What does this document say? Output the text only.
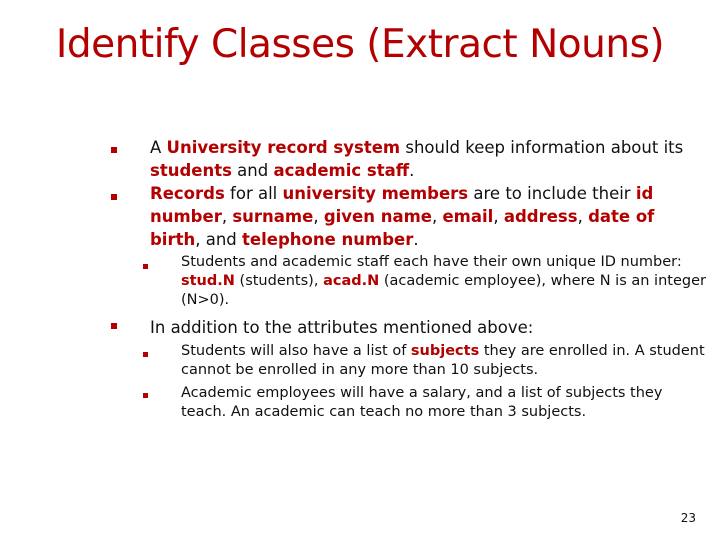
Identify Classes (Extract Nouns)
A University record system should keep information about its students and academic staff.
Records for all university members are to include their id number, surname, given name, email, address, date of birth, and telephone number.
Students and academic staff each have their own unique ID number: stud.N (students), acad.N (academic employee), where N is an integer (N>0).
In addition to the attributes mentioned above:
Students will also have a list of subjects they are enrolled in. A student cannot be enrolled in any more than 10 subjects.
Academic employees will have a salary, and a list of subjects they teach. An academic can teach no more than 3 subjects.
23
